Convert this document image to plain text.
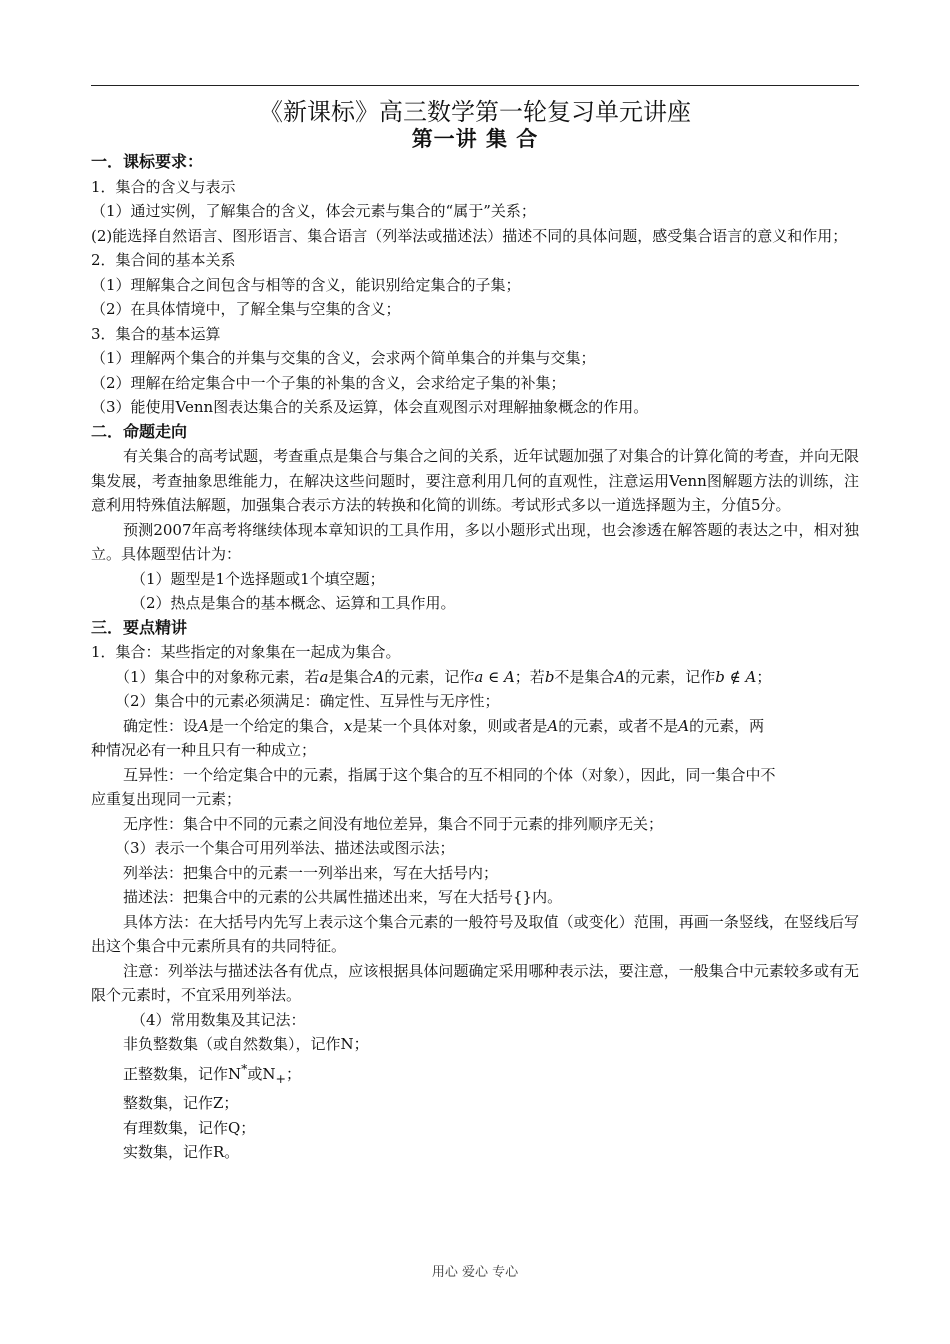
《新课标》高三数学第一轮复习单元讲座
第一讲 集 合
一．课标要求：
1．集合的含义与表示
（1）通过实例，了解集合的含义，体会元素与集合的“属于”关系；
(2)能选择自然语言、图形语言、集合语言（列举法或描述法）描述不同的具体问题，感受集合语言的意义和作用；
2．集合间的基本关系
（1）理解集合之间包含与相等的含义，能识别给定集合的子集；
（2）在具体情境中，了解全集与空集的含义；
3．集合的基本运算
（1）理解两个集合的并集与交集的含义，会求两个简单集合的并集与交集；
（2）理解在给定集合中一个子集的补集的含义，会求给定子集的补集；
（3）能使用Venn图表达集合的关系及运算，体会直观图示对理解抽象概念的作用。
二．命题走向
有关集合的高考试题，考查重点是集合与集合之间的关系，近年试题加强了对集合的计算化简的考查，并向无限集发展，考查抽象思维能力，在解决这些问题时，要注意利用几何的直观性，注意运用Venn图解题方法的训练，注意利用特殊值法解题，加强集合表示方法的转换和化简的训练。考试形式多以一道选择题为主，分值5分。
预测2007年高考将继续体现本章知识的工具作用，多以小题形式出现，也会渗透在解答题的表达之中，相对独立。具体题型估计为：
（1）题型是1个选择题或1个填空题；
（2）热点是集合的基本概念、运算和工具作用。
三．要点精讲
1．集合：某些指定的对象集在一起成为集合。
（1）集合中的对象称元素，若a是集合A的元素，记作a ∈ A；若b不是集合A的元素，记作b ∉ A；
（2）集合中的元素必须满足：确定性、互异性与无序性；
确定性：设A是一个给定的集合，x是某一个具体对象，则或者是A的元素，或者不是A的元素，两
种情况必有一种且只有一种成立；
互异性：一个给定集合中的元素，指属于这个集合的互不相同的个体（对象），因此，同一集合中不
应重复出现同一元素；
无序性：集合中不同的元素之间没有地位差异，集合不同于元素的排列顺序无关；
（3）表示一个集合可用列举法、描述法或图示法；
列举法：把集合中的元素一一列举出来，写在大括号内；
描述法：把集合中的元素的公共属性描述出来，写在大括号{}内。
具体方法：在大括号内先写上表示这个集合元素的一般符号及取值（或变化）范围，再画一条竖线，在竖线后写出这个集合中元素所具有的共同特征。
注意：列举法与描述法各有优点，应该根据具体问题确定采用哪种表示法，要注意，一般集合中元素较多或有无限个元素时，不宜采用列举法。
（4）常用数集及其记法：
非负整数集（或自然数集），记作N；
正整数集，记作N*或$N_+$；
整数集，记作Z；
有理数集，记作Q；
实数集，记作R。
用心 爱心 专心
